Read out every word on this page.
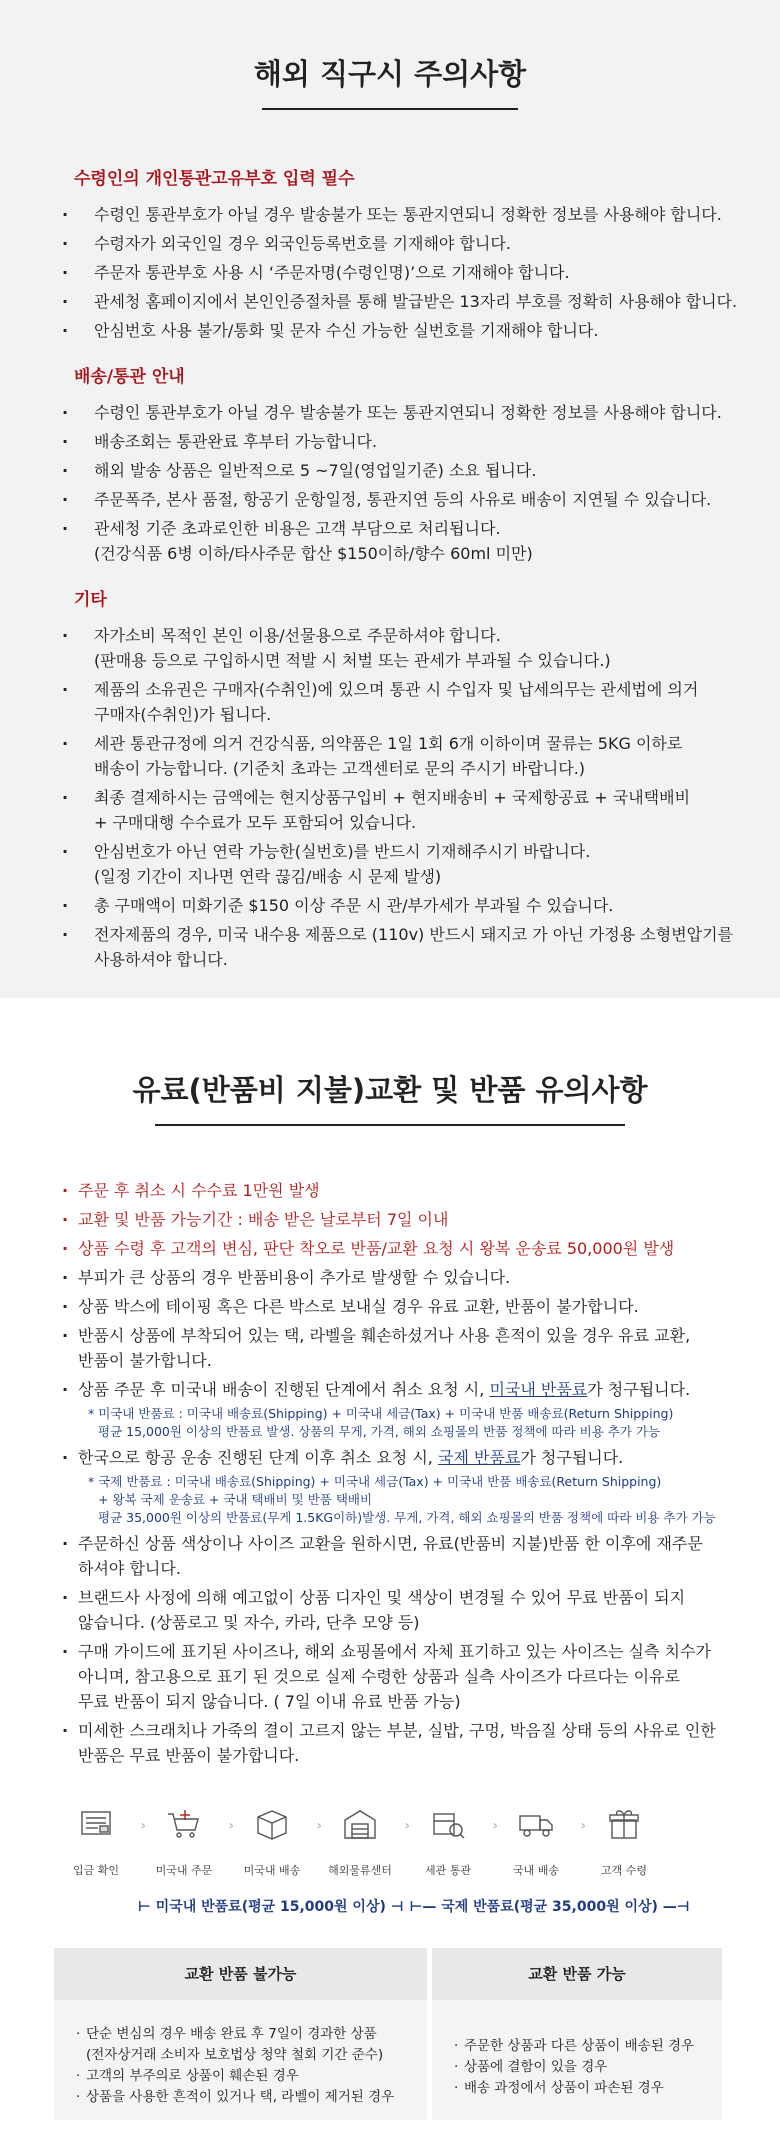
해외 직구시 주의사항
수령인의 개인통관고유부호 입력 필수
· 수령인 통관부호가 아닐 경우 발송불가 또는 통관지연되니 정확한 정보를 사용해야 합니다.
· 수령자가 외국인일 경우 외국인등록번호를 기재해야 합니다.
· 주문자 통관부호 사용 시 ‘주문자명(수령인명)’으로 기재해야 합니다.
· 관세청 홈페이지에서 본인인증절차를 통해 발급받은 13자리 부호를 정확히 사용해야 합니다.
· 안심번호 사용 불가/통화 및 문자 수신 가능한 실번호를 기재해야 합니다.
배송/통관 안내
· 수령인 통관부호가 아닐 경우 발송불가 또는 통관지연되니 정확한 정보를 사용해야 합니다.
· 배송조회는 통관완료 후부터 가능합니다.
· 해외 발송 상품은 일반적으로 5 ~7일(영업일기준) 소요 됩니다.
· 주문폭주, 본사 품절, 항공기 운항일정, 통관지연 등의 사유로 배송이 지연될 수 있습니다.
· 관세청 기준 초과로인한 비용은 고객 부담으로 처리됩니다.
(건강식품 6병 이하/타사주문 합산 $150이하/향수 60ml 미만)
기타
· 자가소비 목적인 본인 이용/선물용으로 주문하셔야 합니다.
(판매용 등으로 구입하시면 적발 시 처벌 또는 관세가 부과될 수 있습니다.)
· 제품의 소유권은 구매자(수취인)에 있으며 통관 시 수입자 및 납세의무는 관세법에 의거
구매자(수취인)가 됩니다.
· 세관 통관규정에 의거 건강식품, 의약품은 1일 1회 6개 이하이며 꿀류는 5KG 이하로
배송이 가능합니다. (기준치 초과는 고객센터로 문의 주시기 바랍니다.)
· 최종 결제하시는 금액에는 현지상품구입비 + 현지배송비 + 국제항공료 + 국내택배비
+ 구매대행 수수료가 모두 포함되어 있습니다.
· 안심번호가 아닌 연락 가능한(실번호)를 반드시 기재해주시기 바랍니다.
(일정 기간이 지나면 연락 끊김/배송 시 문제 발생)
· 총 구매액이 미화기준 $150 이상 주문 시 관/부가세가 부과될 수 있습니다.
· 전자제품의 경우, 미국 내수용 제품으로 (110v) 반드시 돼지코 가 아닌 가정용 소형변압기를
사용하셔야 합니다.
유료(반품비 지불)교환 및 반품 유의사항
· 주문 후 취소 시 수수료 1만원 발생
· 교환 및 반품 가능기간 : 배송 받은 날로부터 7일 이내
· 상품 수령 후 고객의 변심, 판단 착오로 반품/교환 요청 시 왕복 운송료 50,000원 발생
· 부피가 큰 상품의 경우 반품비용이 추가로 발생할 수 있습니다.
· 상품 박스에 테이핑 혹은 다른 박스로 보내실 경우 유료 교환, 반품이 불가합니다.
· 반품시 상품에 부착되어 있는 택, 라벨을 훼손하셨거나 사용 흔적이 있을 경우 유료 교환,
반품이 불가합니다.
· 상품 주문 후 미국내 배송이 진행된 단계에서 취소 요청 시, 미국내 반품료가 청구됩니다.
* 미국내 반품료 : 미국내 배송료(Shipping) + 미국내 세금(Tax) + 미국내 반품 배송료(Return Shipping)
평균 15,000원 이상의 반품료 발생. 상품의 무게, 가격, 해외 쇼핑몰의 반품 정책에 따라 비용 추가 가능
· 한국으로 항공 운송 진행된 단계 이후 취소 요청 시, 국제 반품료가 청구됩니다.
* 국제 반품료 : 미국내 배송료(Shipping) + 미국내 세금(Tax) + 미국내 반품 배송료(Return Shipping)
+ 왕복 국제 운송료 + 국내 택배비 및 반품 택배비
평균 35,000원 이상의 반품료(무게 1.5KG이하)발생. 무게, 가격, 해외 쇼핑몰의 반품 정책에 따라 비용 추가 가능
· 주문하신 상품 색상이나 사이즈 교환을 원하시면, 유료(반품비 지불)반품 한 이후에 재주문
하셔야 합니다.
· 브랜드사 사정에 의해 예고없이 상품 디자인 및 색상이 변경될 수 있어 무료 반품이 되지
않습니다. (상품로고 및 자수, 카라, 단추 모양 등)
· 구매 가이드에 표기된 사이즈나, 해외 쇼핑몰에서 자체 표기하고 있는 사이즈는 실측 치수가
아니며, 참고용으로 표기 된 것으로 실제 수령한 상품과 실측 사이즈가 다르다는 이유로
무료 반품이 되지 않습니다. ( 7일 이내 유료 반품 가능)
· 미세한 스크래치나 가죽의 결이 고르지 않는 부분, 실밥, 구멍, 박음질 상태 등의 사유로 인한
반품은 무료 반품이 불가합니다.
입금 확인
›
미국내 주문
›
미국내 배송
›
해외물류센터
›
세관 통관
›
국내 배송
›
고객 수령
⊢ 미국내 반품료(평균 15,000원 이상) ⊣ ⊢— 국제 반품료(평균 35,000원 이상) —⊣
교환 반품 불가능
· 단순 변심의 경우 배송 완료 후 7일이 경과한 상품
(전자상거래 소비자 보호법상 청약 철회 기간 준수)
· 고객의 부주의로 상품이 훼손된 경우
· 상품을 사용한 흔적이 있거나 택, 라벨이 제거된 경우
교환 반품 가능
· 주문한 상품과 다른 상품이 배송된 경우
· 상품에 결함이 있을 경우
· 배송 과정에서 상품이 파손된 경우
